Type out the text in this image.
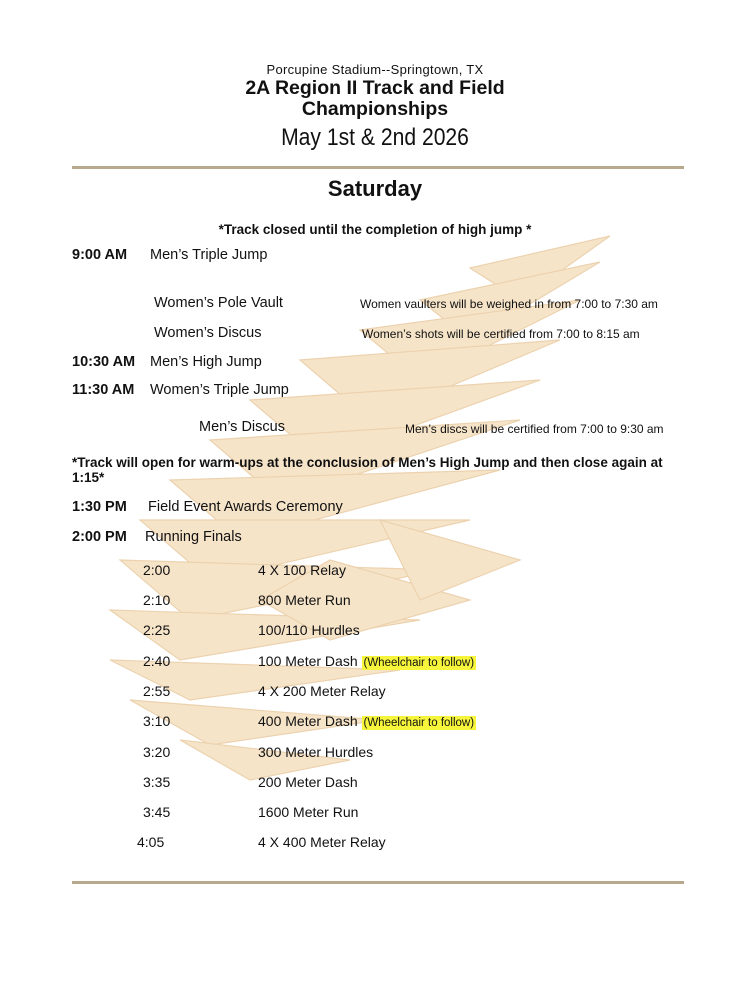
Porcupine Stadium--Springtown, TX
2A Region II Track and Field
Championships
May 1st & 2nd 2026
Saturday
*Track closed until the completion of high jump *
9:00 AM Men’s Triple Jump
Women’s Pole Vault	Women vaulters will be weighed in from 7:00 to 7:30 am
Women’s Discus	Women’s shots will be certified from 7:00 to 8:15 am
10:30 AM Men’s High Jump
11:30 AM Women’s Triple Jump
Men’s Discus	Men’s discs will be certified from 7:00 to 9:30 am
*Track will open for warm-ups at the conclusion of Men’s High Jump and then close again at 1:15*
1:30 PM Field Event Awards Ceremony
2:00 PM Running Finals
2:00	4 X 100 Relay
2:10	800 Meter Run
2:25	100/110 Hurdles
2:40	100 Meter Dash (Wheelchair to follow)
2:55	4 X 200 Meter Relay
3:10	400 Meter Dash (Wheelchair to follow)
3:20	300 Meter Hurdles
3:35	200 Meter Dash
3:45	1600 Meter Run
4:05	4 X 400 Meter Relay
